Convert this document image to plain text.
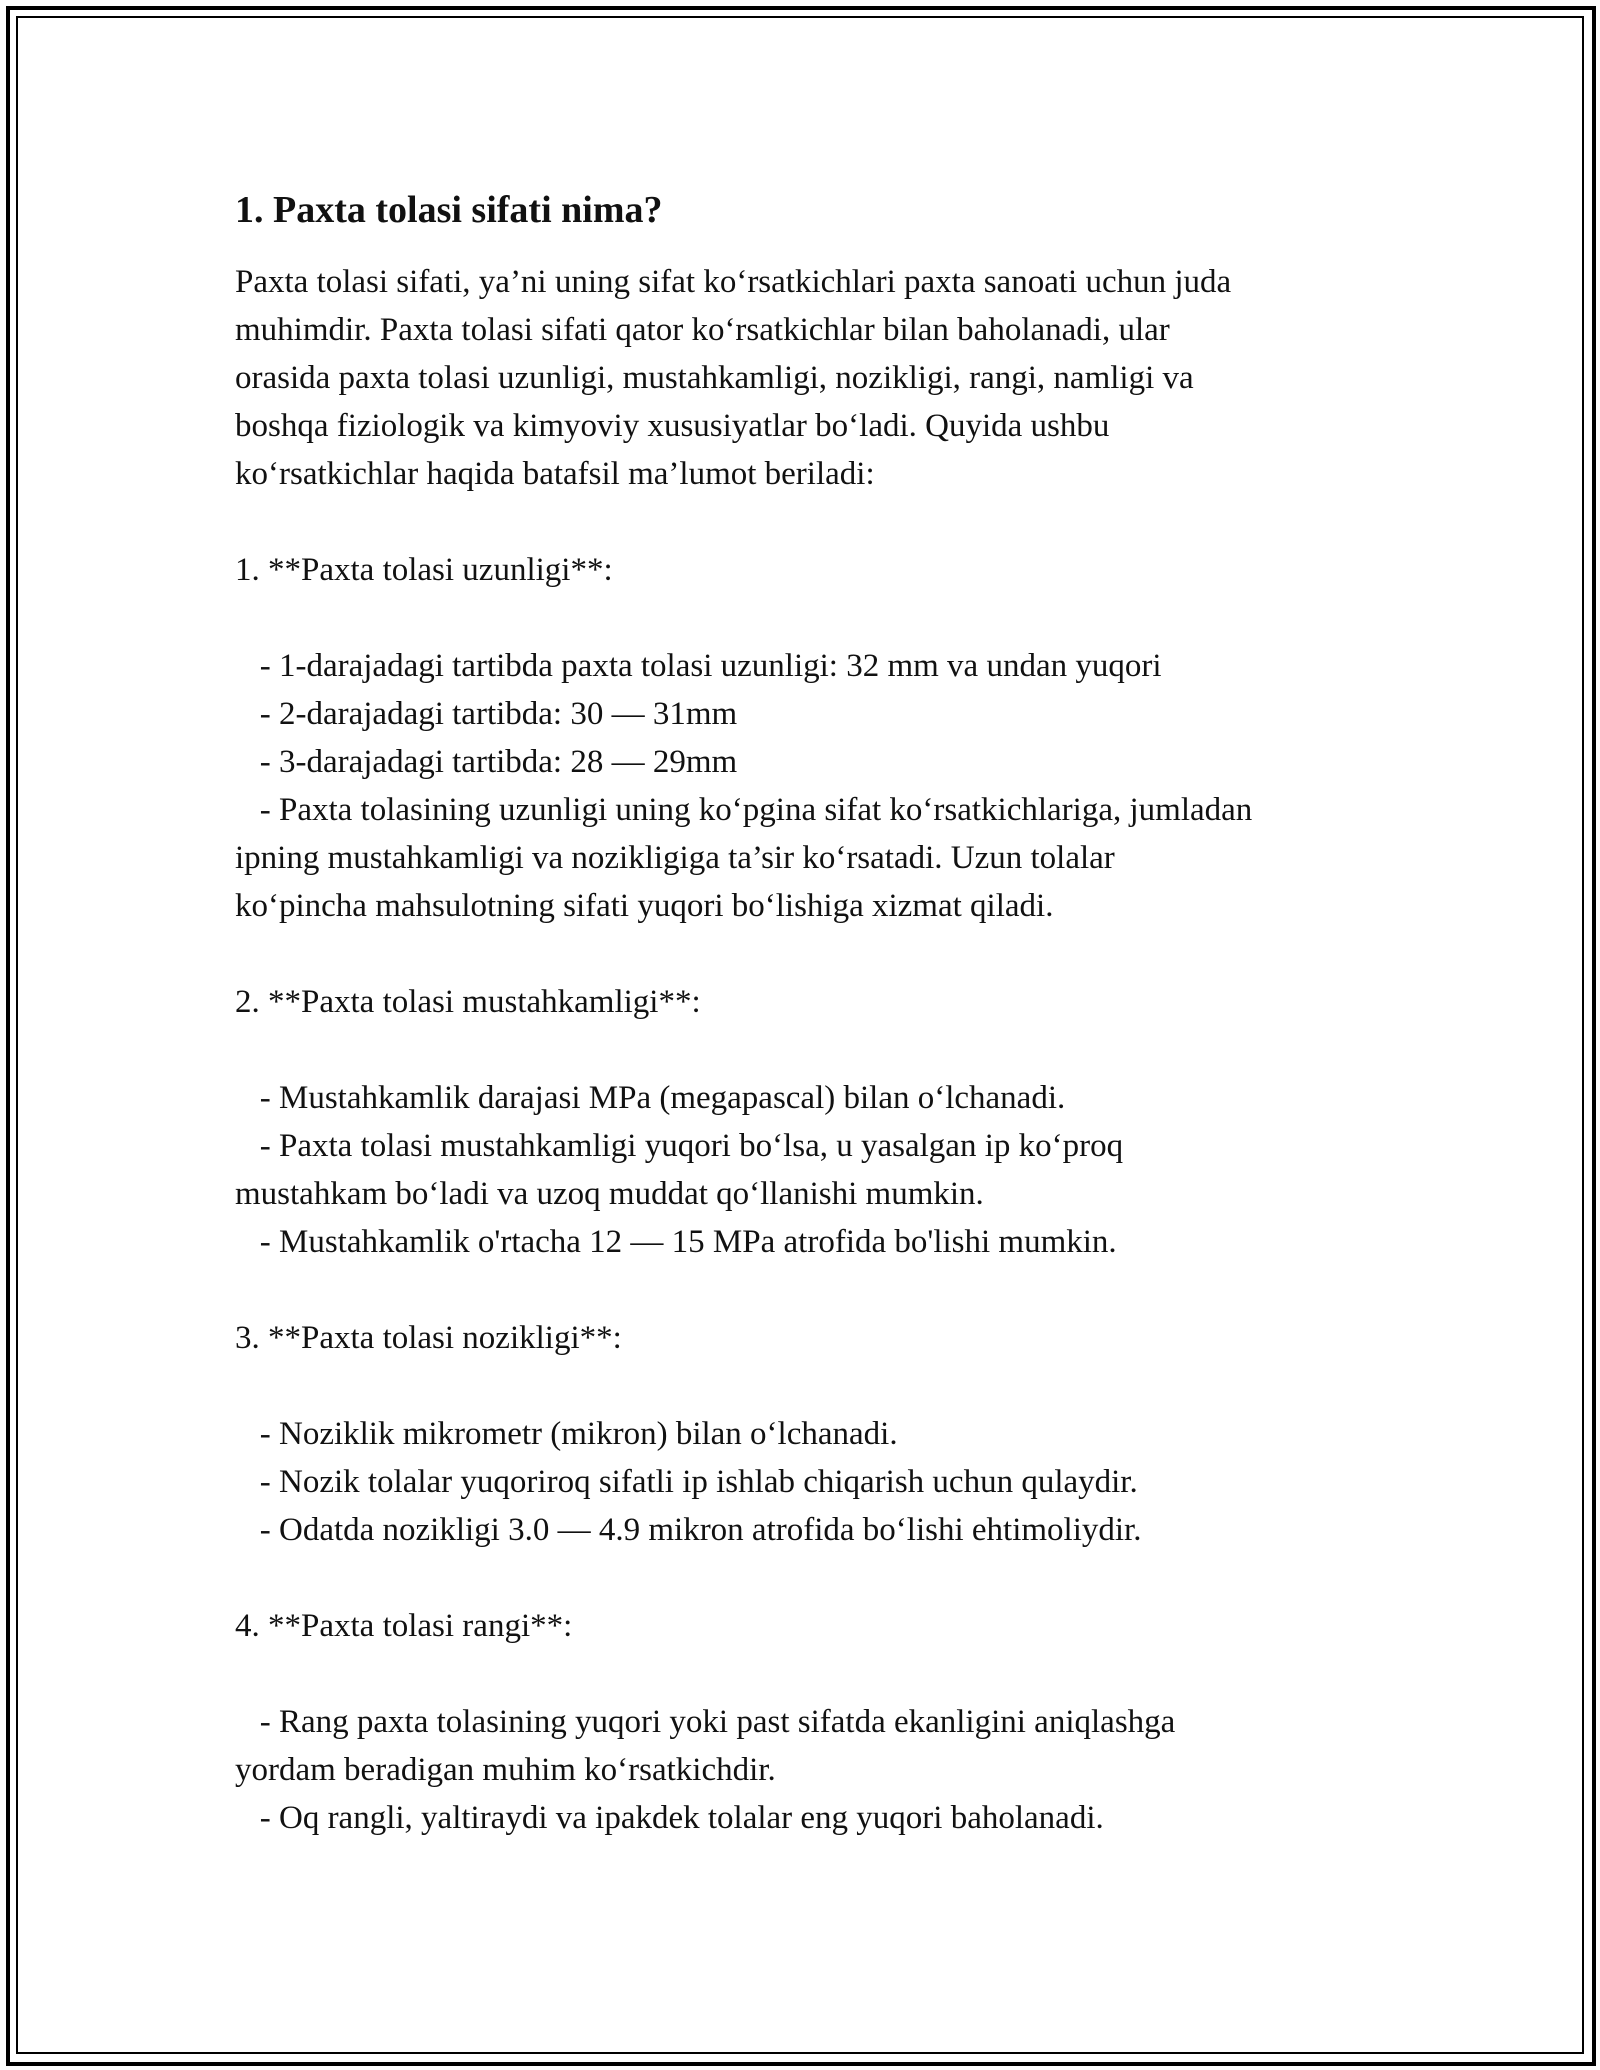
1. Paxta tolasi sifati nima?

Paxta tolasi sifati, ya’ni uning sifat ko‘rsatkichlari paxta sanoati uchun juda
muhimdir. Paxta tolasi sifati qator ko‘rsatkichlar bilan baholanadi, ular
orasida paxta tolasi uzunligi, mustahkamligi, nozikligi, rangi, namligi va
boshqa fiziologik va kimyoviy xususiyatlar bo‘ladi. Quyida ushbu
ko‘rsatkichlar haqida batafsil ma’lumot beriladi:

1. **Paxta tolasi uzunligi**:

- 1-darajadagi tartibda paxta tolasi uzunligi: 32 mm va undan yuqori

- 2-darajadagi tartibda: 30 — 31mm

- 3-darajadagi tartibda: 28 — 29mm

- Paxta tolasining uzunligi uning ko‘pgina sifat ko‘rsatkichlariga, jumladan
ipning mustahkamligi va nozikligiga ta’sir ko‘rsatadi. Uzun tolalar
ko‘pincha mahsulotning sifati yuqori bo‘lishiga xizmat qiladi.

2. **Paxta tolasi mustahkamligi**:

- Mustahkamlik darajasi MPa (megapascal) bilan o‘lchanadi.

- Paxta tolasi mustahkamligi yuqori bo‘lsa, u yasalgan ip ko‘proq
mustahkam bo‘ladi va uzoq muddat qo‘llanishi mumkin.

- Mustahkamlik o'rtacha 12 — 15 MPa atrofida bo'lishi mumkin.

3. **Paxta tolasi nozikligi**:

- Noziklik mikrometr (mikron) bilan o‘lchanadi.

- Nozik tolalar yuqoriroq sifatli ip ishlab chiqarish uchun qulaydir.

- Odatda nozikligi 3.0 — 4.9 mikron atrofida bo‘lishi ehtimoliydir.

4. **Paxta tolasi rangi**:

- Rang paxta tolasining yuqori yoki past sifatda ekanligini aniqlashga
yordam beradigan muhim ko‘rsatkichdir.

- Oq rangli, yaltiraydi va ipakdek tolalar eng yuqori baholanadi.
